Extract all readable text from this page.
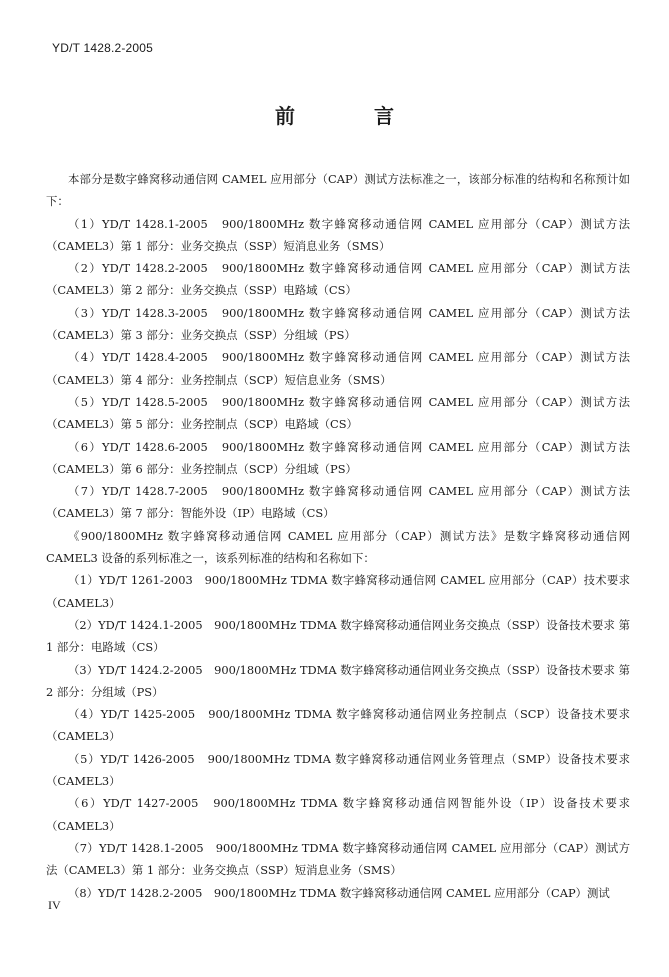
YD/T 1428.2-2005
前 言

本部分是数字蜂窝移动通信网 CAMEL 应用部分（CAP）测试方法标准之一，该部分标准的结构和名称预计如下：

（1）YD/T 1428.1-2005　900/1800MHz 数字蜂窝移动通信网 CAMEL 应用部分（CAP）测试方法（CAMEL3）第 1 部分：业务交换点（SSP）短消息业务（SMS）

（2）YD/T 1428.2-2005　900/1800MHz 数字蜂窝移动通信网 CAMEL 应用部分（CAP）测试方法（CAMEL3）第 2 部分：业务交换点（SSP）电路域（CS）

（3）YD/T 1428.3-2005　900/1800MHz 数字蜂窝移动通信网 CAMEL 应用部分（CAP）测试方法（CAMEL3）第 3 部分：业务交换点（SSP）分组域（PS）

（4）YD/T 1428.4-2005　900/1800MHz 数字蜂窝移动通信网 CAMEL 应用部分（CAP）测试方法（CAMEL3）第 4 部分：业务控制点（SCP）短信息业务（SMS）

（5）YD/T 1428.5-2005　900/1800MHz 数字蜂窝移动通信网 CAMEL 应用部分（CAP）测试方法（CAMEL3）第 5 部分：业务控制点（SCP）电路域（CS）

（6）YD/T 1428.6-2005　900/1800MHz 数字蜂窝移动通信网 CAMEL 应用部分（CAP）测试方法（CAMEL3）第 6 部分：业务控制点（SCP）分组域（PS）

（7）YD/T 1428.7-2005　900/1800MHz 数字蜂窝移动通信网 CAMEL 应用部分（CAP）测试方法（CAMEL3）第 7 部分：智能外设（IP）电路域（CS）

《900/1800MHz 数字蜂窝移动通信网 CAMEL 应用部分（CAP）测试方法》是数字蜂窝移动通信网 CAMEL3 设备的系列标准之一，该系列标准的结构和名称如下：

（1）YD/T 1261-2003　900/1800MHz TDMA 数字蜂窝移动通信网 CAMEL 应用部分（CAP）技术要求（CAMEL3）

（2）YD/T 1424.1-2005　900/1800MHz TDMA 数字蜂窝移动通信网业务交换点（SSP）设备技术要求 第 1 部分：电路域（CS）

（3）YD/T 1424.2-2005　900/1800MHz TDMA 数字蜂窝移动通信网业务交换点（SSP）设备技术要求 第 2 部分：分组域（PS）

（4）YD/T 1425-2005　900/1800MHz TDMA 数字蜂窝移动通信网业务控制点（SCP）设备技术要求（CAMEL3）

（5）YD/T 1426-2005　900/1800MHz TDMA 数字蜂窝移动通信网业务管理点（SMP）设备技术要求（CAMEL3）

（6）YD/T 1427-2005　900/1800MHz TDMA 数字蜂窝移动通信网智能外设（IP）设备技术要求（CAMEL3）

（7）YD/T 1428.1-2005　900/1800MHz TDMA 数字蜂窝移动通信网 CAMEL 应用部分（CAP）测试方法（CAMEL3）第 1 部分：业务交换点（SSP）短消息业务（SMS）

（8）YD/T 1428.2-2005　900/1800MHz TDMA 数字蜂窝移动通信网 CAMEL 应用部分（CAP）测试

IV
